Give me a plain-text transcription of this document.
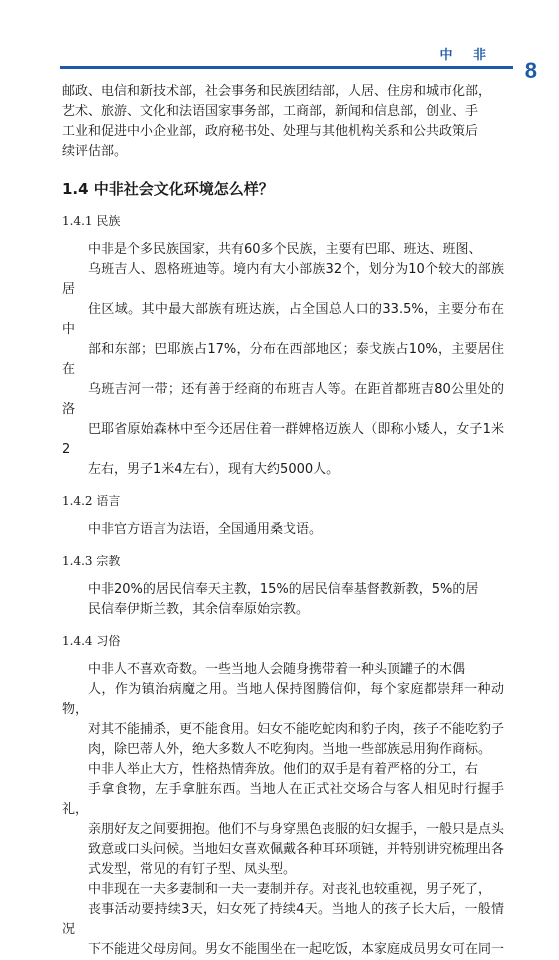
中 非
8

邮政、电信和新技术部，社会事务和民族团结部，人居、住房和城市化部，
艺术、旅游、文化和法语国家事务部，工商部，新闻和信息部，创业、手
工业和促进中小企业部，政府秘书处、处理与其他机构关系和公共政策后
续评估部。

1.4 中非社会文化环境怎么样？

1.4.1 民族

中非是个多民族国家，共有60多个民族，主要有巴耶、班达、班图、
乌班吉人、恩格班迪等。境内有大小部族32个，划分为10个较大的部族居
住区域。其中最大部族有班达族，占全国总人口的33.5%，主要分布在中
部和东部；巴耶族占17%，分布在西部地区；泰戈族占10%，主要居住在
乌班吉河一带；还有善于经商的布班吉人等。在距首都班吉80公里处的洛
巴耶省原始森林中至今还居住着一群婢格迈族人（即称小矮人，女子1米2
左右，男子1米4左右），现有大约5000人。

1.4.2 语言

中非官方语言为法语，全国通用桑戈语。

1.4.3 宗教

中非20%的居民信奉天主教，15%的居民信奉基督教新教，5%的居
民信奉伊斯兰教，其余信奉原始宗教。

1.4.4 习俗

中非人不喜欢奇数。一些当地人会随身携带着一种头顶罐子的木偶
人，作为镇治病魔之用。当地人保持图腾信仰，每个家庭都崇拜一种动物，
对其不能捕杀，更不能食用。妇女不能吃蛇肉和豹子肉，孩子不能吃豹子
肉，除巴蒂人外，绝大多数人不吃狗肉。当地一些部族忌用狗作商标。

中非人举止大方，性格热情奔放。他们的双手是有着严格的分工，右
手拿食物，左手拿脏东西。当地人在正式社交场合与客人相见时行握手礼，
亲朋好友之间要拥抱。他们不与身穿黑色丧服的妇女握手，一般只是点头
致意或口头问候。当地妇女喜欢佩戴各种耳环项链，并特别讲究梳理出各
式发型，常见的有钉子型、凤头型。

中非现在一夫多妻制和一夫一妻制并存。对丧礼也较重视，男子死了，
丧事活动要持续3天，妇女死了持续4天。当地人的孩子长大后，一般情况
下不能进父母房间。男女不能围坐在一起吃饭，本家庭成员男女可在同一
